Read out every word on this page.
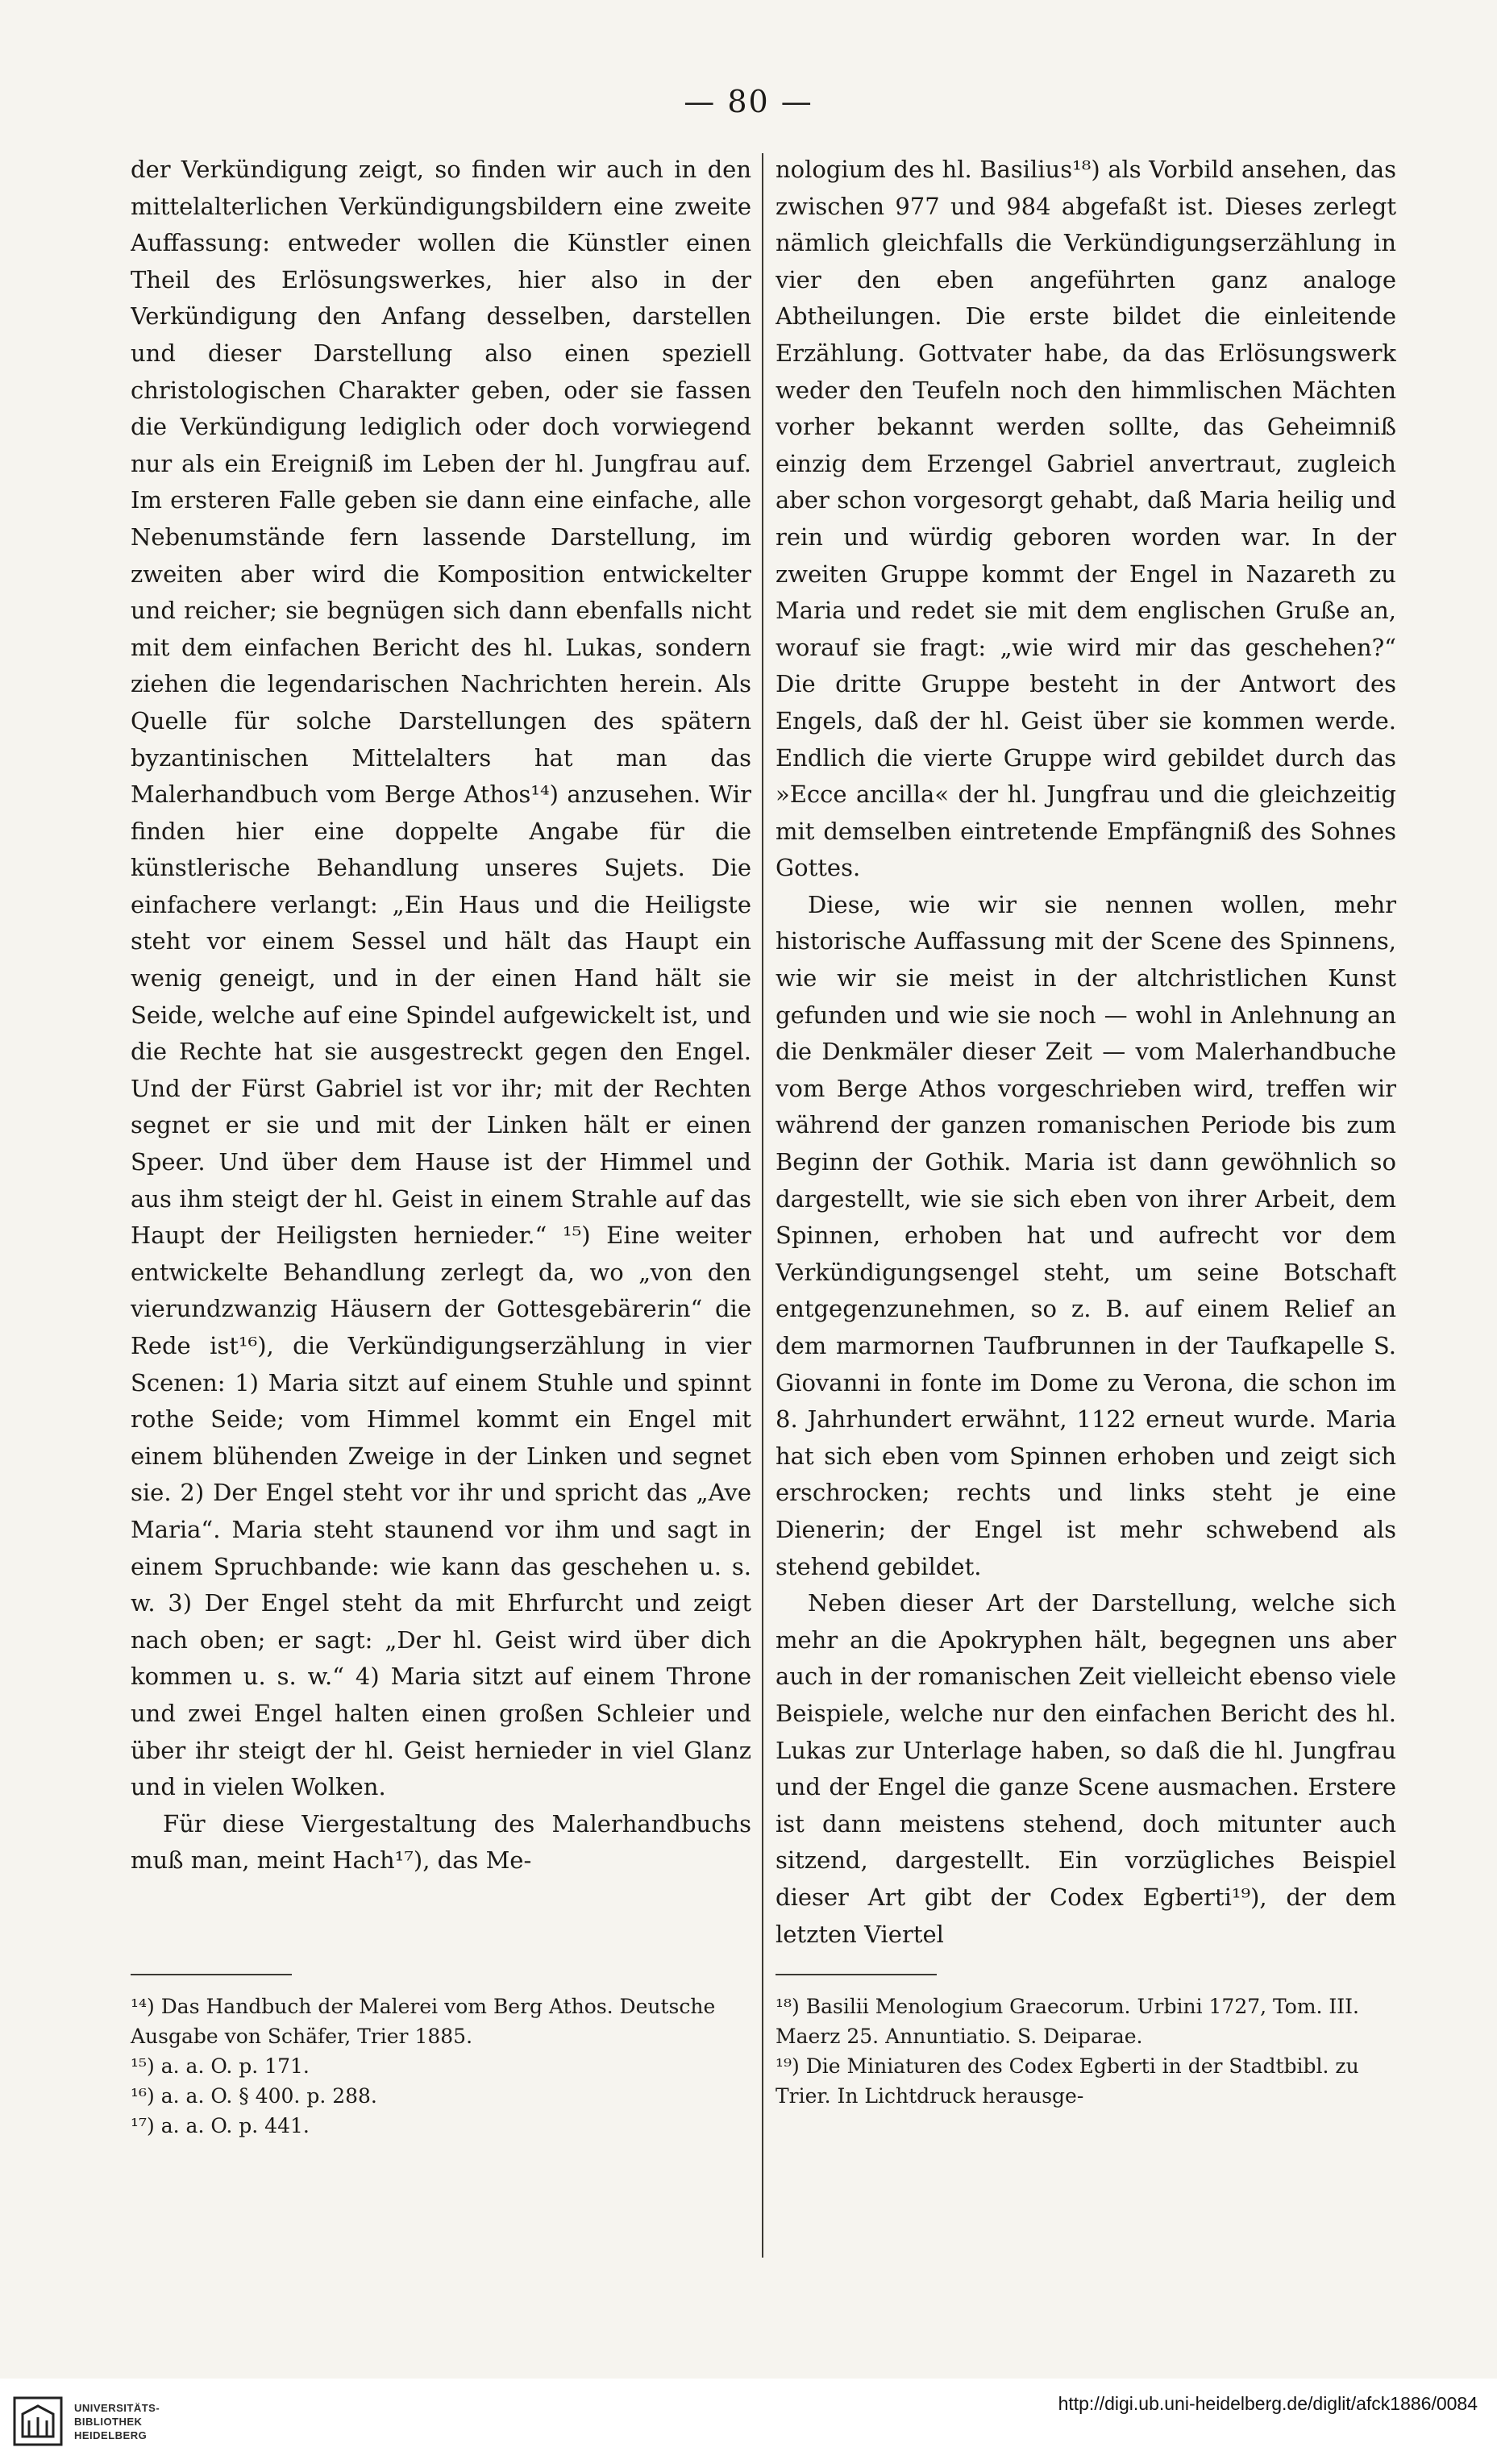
— 80 —

der Verkündigung zeigt, so finden wir auch in den mittelalterlichen Verkündigungsbildern eine zweite Auffassung: entweder wollen die Künstler einen Theil des Erlösungswerkes, hier also in der Verkündigung den Anfang desselben, darstellen und dieser Darstellung also einen speziell christologischen Charakter geben, oder sie fassen die Verkündigung lediglich oder doch vorwiegend nur als ein Ereigniß im Leben der hl. Jungfrau auf. Im ersteren Falle geben sie dann eine einfache, alle Nebenumstände fern lassende Darstellung, im zweiten aber wird die Komposition entwickelter und reicher; sie begnügen sich dann ebenfalls nicht mit dem einfachen Bericht des hl. Lukas, sondern ziehen die legendarischen Nachrichten herein. Als Quelle für solche Darstellungen des spätern byzantinischen Mittelalters hat man das Malerhandbuch vom Berge Athos¹⁴) anzusehen. Wir finden hier eine doppelte Angabe für die künstlerische Behandlung unseres Sujets. Die einfachere verlangt: „Ein Haus und die Heiligste steht vor einem Sessel und hält das Haupt ein wenig geneigt, und in der einen Hand hält sie Seide, welche auf eine Spindel aufgewickelt ist, und die Rechte hat sie ausgestreckt gegen den Engel. Und der Fürst Gabriel ist vor ihr; mit der Rechten segnet er sie und mit der Linken hält er einen Speer. Und über dem Hause ist der Himmel und aus ihm steigt der hl. Geist in einem Strahle auf das Haupt der Heiligsten hernieder.“ ¹⁵) Eine weiter entwickelte Behandlung zerlegt da, wo „von den vierundzwanzig Häusern der Gottesgebärerin“ die Rede ist¹⁶), die Verkündigungserzählung in vier Scenen: 1) Maria sitzt auf einem Stuhle und spinnt rothe Seide; vom Himmel kommt ein Engel mit einem blühenden Zweige in der Linken und segnet sie. 2) Der Engel steht vor ihr und spricht das „Ave Maria“. Maria steht staunend vor ihm und sagt in einem Spruchbande: wie kann das geschehen u. s. w. 3) Der Engel steht da mit Ehrfurcht und zeigt nach oben; er sagt: „Der hl. Geist wird über dich kommen u. s. w.“ 4) Maria sitzt auf einem Throne und zwei Engel halten einen großen Schleier und über ihr steigt der hl. Geist hernieder in viel Glanz und in vielen Wolken.

Für diese Viergestaltung des Malerhandbuchs muß man, meint Hach¹⁷), das Me-

nologium des hl. Basilius¹⁸) als Vorbild ansehen, das zwischen 977 und 984 abgefaßt ist. Dieses zerlegt nämlich gleichfalls die Verkündigungserzählung in vier den eben angeführten ganz analoge Abtheilungen. Die erste bildet die einleitende Erzählung. Gottvater habe, da das Erlösungswerk weder den Teufeln noch den himmlischen Mächten vorher bekannt werden sollte, das Geheimniß einzig dem Erzengel Gabriel anvertraut, zugleich aber schon vorgesorgt gehabt, daß Maria heilig und rein und würdig geboren worden war. In der zweiten Gruppe kommt der Engel in Nazareth zu Maria und redet sie mit dem englischen Gruße an, worauf sie fragt: „wie wird mir das geschehen?“ Die dritte Gruppe besteht in der Antwort des Engels, daß der hl. Geist über sie kommen werde. Endlich die vierte Gruppe wird gebildet durch das »Ecce ancilla« der hl. Jungfrau und die gleichzeitig mit demselben eintretende Empfängniß des Sohnes Gottes.

Diese, wie wir sie nennen wollen, mehr historische Auffassung mit der Scene des Spinnens, wie wir sie meist in der altchristlichen Kunst gefunden und wie sie noch — wohl in Anlehnung an die Denkmäler dieser Zeit — vom Malerhandbuche vom Berge Athos vorgeschrieben wird, treffen wir während der ganzen romanischen Periode bis zum Beginn der Gothik. Maria ist dann gewöhnlich so dargestellt, wie sie sich eben von ihrer Arbeit, dem Spinnen, erhoben hat und aufrecht vor dem Verkündigungsengel steht, um seine Botschaft entgegenzunehmen, so z. B. auf einem Relief an dem marmornen Taufbrunnen in der Taufkapelle S. Giovanni in fonte im Dome zu Verona, die schon im 8. Jahrhundert erwähnt, 1122 erneut wurde. Maria hat sich eben vom Spinnen erhoben und zeigt sich erschrocken; rechts und links steht je eine Dienerin; der Engel ist mehr schwebend als stehend gebildet.

Neben dieser Art der Darstellung, welche sich mehr an die Apokryphen hält, begegnen uns aber auch in der romanischen Zeit vielleicht ebenso viele Beispiele, welche nur den einfachen Bericht des hl. Lukas zur Unterlage haben, so daß die hl. Jungfrau und der Engel die ganze Scene ausmachen. Erstere ist dann meistens stehend, doch mitunter auch sitzend, dargestellt. Ein vorzügliches Beispiel dieser Art gibt der Codex Egberti¹⁹), der dem letzten Viertel

¹⁴) Das Handbuch der Malerei vom Berg Athos. Deutsche Ausgabe von Schäfer, Trier 1885.

¹⁵) a. a. O. p. 171.

¹⁶) a. a. O. § 400. p. 288.

¹⁷) a. a. O. p. 441.

¹⁸) Basilii Menologium Graecorum. Urbini 1727, Tom. III. Maerz 25. Annuntiatio. S. Deiparae.

¹⁹) Die Miniaturen des Codex Egberti in der Stadtbibl. zu Trier. In Lichtdruck herausge-

UNIVERSITÄTS-
BIBLIOTHEK
HEIDELBERG
http://digi.ub.uni-heidelberg.de/diglit/afck1886/0084
